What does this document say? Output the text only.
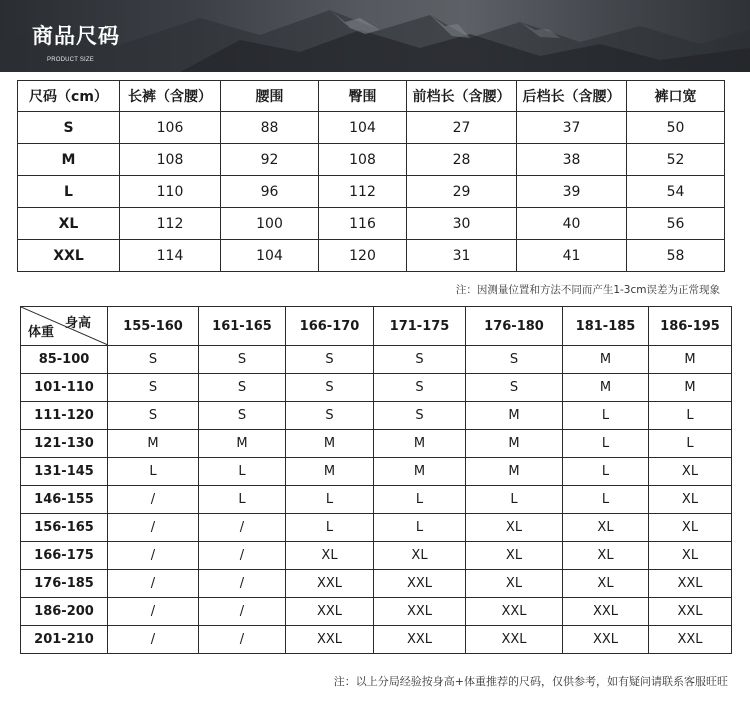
商品尺码
PRODUCT SIZE
尺码（cm）	长裤（含腰）	腰围	臀围	前档长（含腰）	后档长（含腰）	裤口宽
S	106	88	104	27	37	50
M	108	92	108	28	38	52
L	110	96	112	29	39	54
XL	112	100	116	30	40	56
XXL	114	104	120	31	41	58
注：因测量位置和方法不同而产生1-3cm误差为正常现象
身高
体重	155-160	161-165	166-170	171-175	176-180	181-185	186-195
85-100	S	S	S	S	S	M	M
101-110	S	S	S	S	S	M	M
111-120	S	S	S	S	M	L	L
121-130	M	M	M	M	M	L	L
131-145	L	L	M	M	M	L	XL
146-155	/	L	L	L	L	L	XL
156-165	/	/	L	L	XL	XL	XL
166-175	/	/	XL	XL	XL	XL	XL
176-185	/	/	XXL	XXL	XL	XL	XXL
186-200	/	/	XXL	XXL	XXL	XXL	XXL
201-210	/	/	XXL	XXL	XXL	XXL	XXL
注：以上分局经验按身高+体重推荐的尺码，仅供参考，如有疑问请联系客服旺旺
